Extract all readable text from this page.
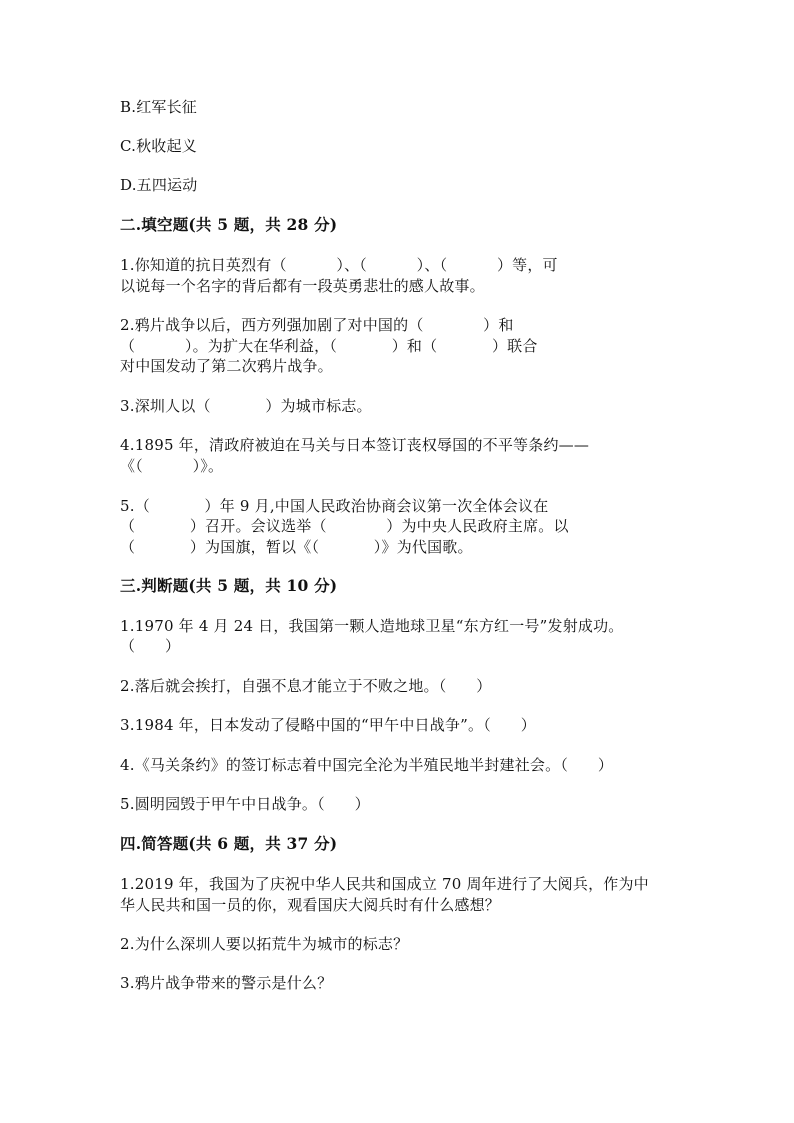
B.红军长征
C.秋收起义
D.五四运动
二.填空题(共 5 题，共 28 分)
1.你知道的抗日英烈有（          ）、（          ）、（          ）等，可
以说每一个名字的背后都有一段英勇悲壮的感人故事。
2.鸦片战争以后，西方列强加剧了对中国的（            ）和
（          ）。为扩大在华利益，（           ）和（           ）联合
对中国发动了第二次鸦片战争。
3.深圳人以（           ）为城市标志。
4.1895 年，清政府被迫在马关与日本签订丧权辱国的不平等条约——
《（          ）》。
5.（           ）年 9 月,中国人民政治协商会议第一次全体会议在
（           ）召开。会议选举（            ）为中央人民政府主席。以
（           ）为国旗，暂以《（           ）》为代国歌。
三.判断题(共 5 题，共 10 分)
1.1970 年 4 月 24 日，我国第一颗人造地球卫星“东方红一号”发射成功。
（      ）
2.落后就会挨打，自强不息才能立于不败之地。（      ）
3.1984 年，日本发动了侵略中国的“甲午中日战争”。（      ）
4.《马关条约》的签订标志着中国完全沦为半殖民地半封建社会。（      ）
5.圆明园毁于甲午中日战争。（      ）
四.简答题(共 6 题，共 37 分)
1.2019 年，我国为了庆祝中华人民共和国成立 70 周年进行了大阅兵，作为中
华人民共和国一员的你，观看国庆大阅兵时有什么感想？
2.为什么深圳人要以拓荒牛为城市的标志？
3.鸦片战争带来的警示是什么？
